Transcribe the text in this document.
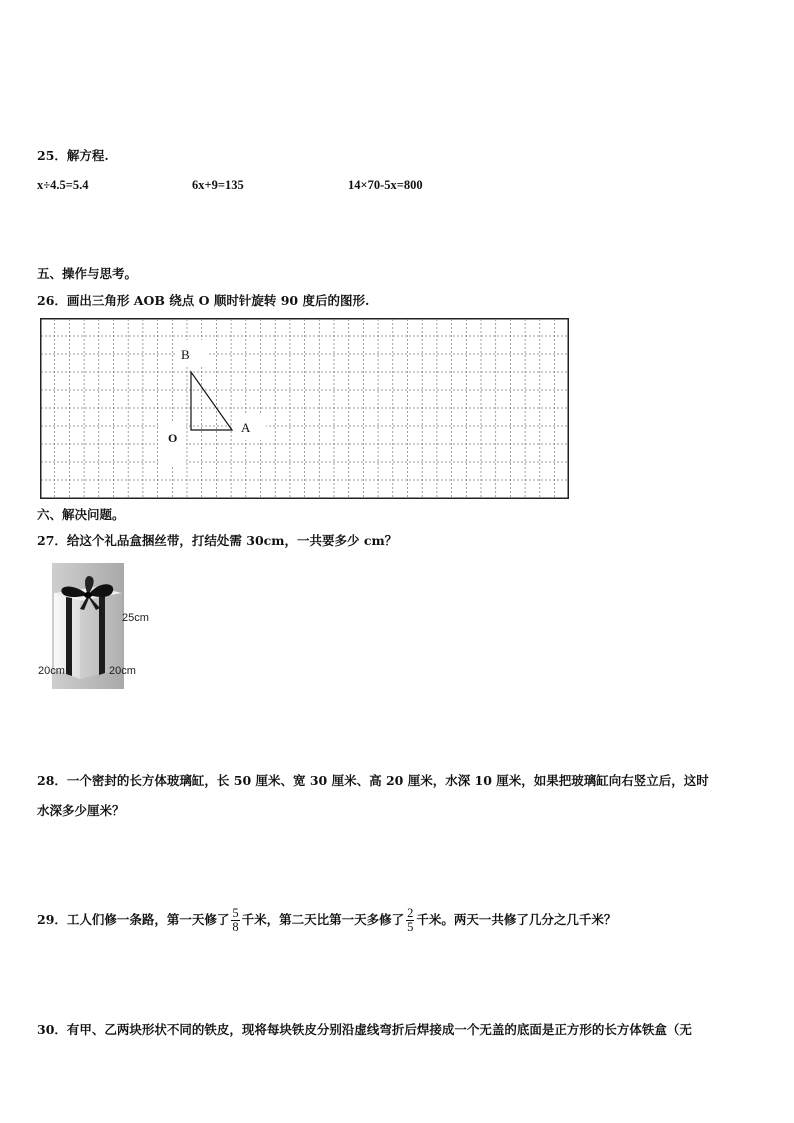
25．解方程.
x÷4.5=5.4	6x+9=135	14×70-5x=800
五、操作与思考。
26．画出三角形 AOB 绕点 O 顺时针旋转 90 度后的图形.
B
A
O
六、解决问题。
27．给这个礼品盒捆丝带，打结处需 30cm，一共要多少 cm？
25cm
20cm	20cm
28．一个密封的长方体玻璃缸，长 50 厘米、宽 30 厘米、高 20 厘米，水深 10 厘米，如果把玻璃缸向右竖立后，这时
水深多少厘米？
29．工人们修一条路，第一天修了 $\frac{5}{8}$ 千米，第二天比第一天多修了 $\frac{2}{5}$ 千米。两天一共修了几分之几千米？
30．有甲、乙两块形状不同的铁皮，现将每块铁皮分别沿虚线弯折后焊接成一个无盖的底面是正方形的长方体铁盒（无
